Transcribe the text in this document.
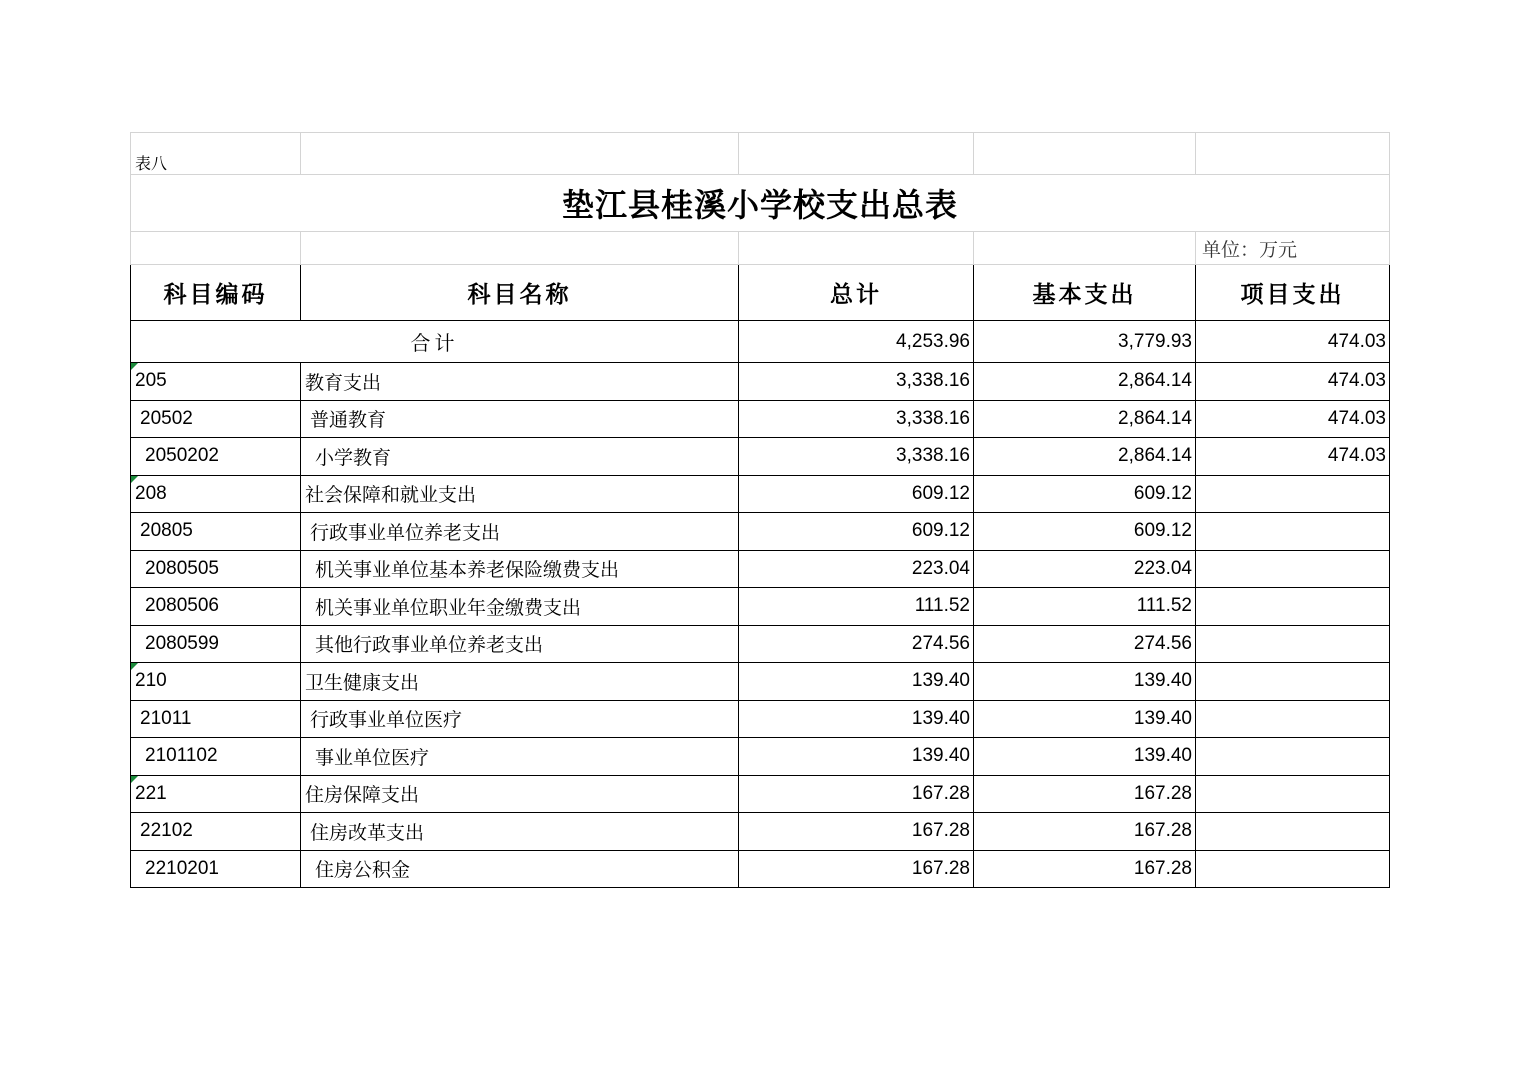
表八				
垫江县桂溪小学校支出总表				
				单位：万元
科目编码	科目名称	总计	基本支出	项目支出
合计		4,253.96	3,779.93	474.03

205	教育支出	3,338.16	2,864.14	474.03
20502	普通教育	3,338.16	2,864.14	474.03
2050202	小学教育	3,338.16	2,864.14	474.03

208	社会保障和就业支出	609.12	609.12	
20805	行政事业单位养老支出	609.12	609.12	
2080505	机关事业单位基本养老保险缴费支出	223.04	223.04	
2080506	机关事业单位职业年金缴费支出	111.52	111.52	
2080599	其他行政事业单位养老支出	274.56	274.56	

210	卫生健康支出	139.40	139.40	
21011	行政事业单位医疗	139.40	139.40	
2101102	事业单位医疗	139.40	139.40	

221	住房保障支出	167.28	167.28	
22102	住房改革支出	167.28	167.28	
2210201	住房公积金	167.28	167.28	
